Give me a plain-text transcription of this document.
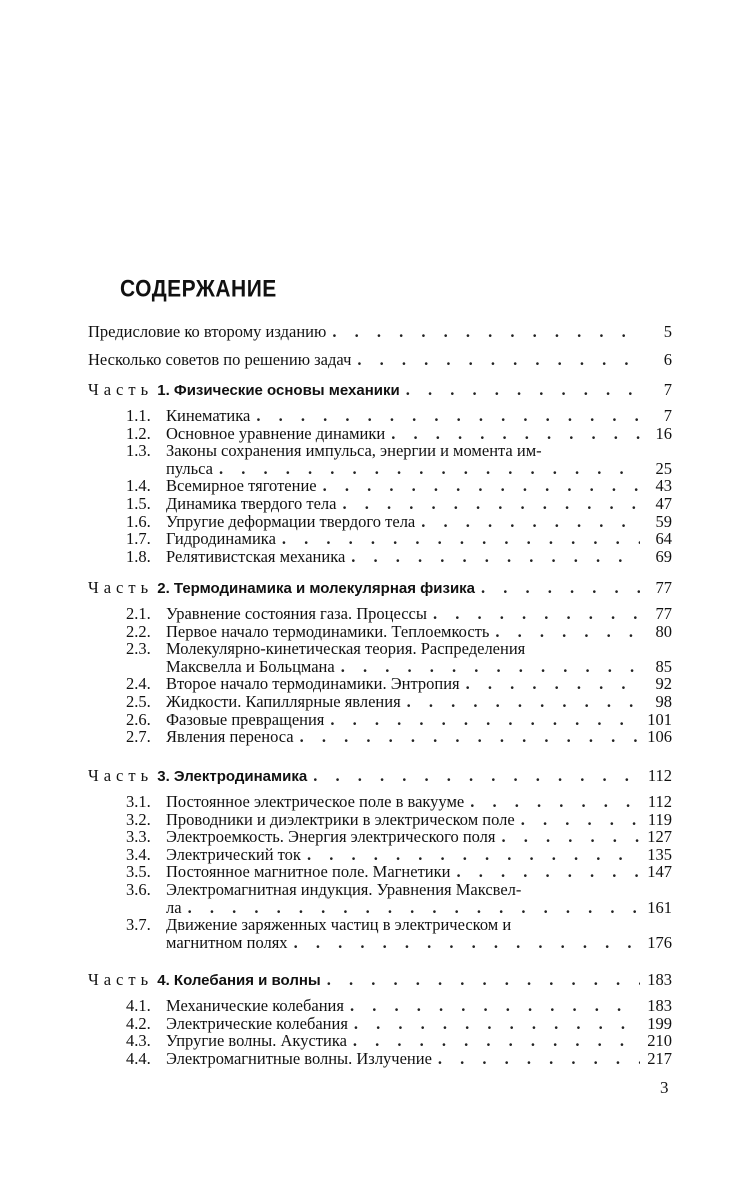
СОДЕРЖАНИЕ
Предисловие ко второму изданию . . .	5
Несколько советов по решению задач . . .	6
Часть 1. Физические основы механики . . .	7
1.1. Кинематика . . .	7
1.2. Основное уравнение динамики . . .	16
1.3. Законы сохранения импульса, энергии и момента им-
пульса . . .	25
1.4. Всемирное тяготение . . .	43
1.5. Динамика твердого тела . . .	47
1.6. Упругие деформации твердого тела . . .	59
1.7. Гидродинамика . . .	64
1.8. Релятивистская механика . . .	69
Часть 2. Термодинамика и молекулярная физика . . .	77
2.1. Уравнение состояния газа. Процессы . . .	77
2.2. Первое начало термодинамики. Теплоемкость . . .	80
2.3. Молекулярно-кинетическая теория. Распределения
Максвелла и Больцмана . . .	85
2.4. Второе начало термодинамики. Энтропия . . .	92
2.5. Жидкости. Капиллярные явления . . .	98
2.6. Фазовые превращения . . .	101
2.7. Явления переноса . . .	106
Часть 3. Электродинамика . . .	112
3.1. Постоянное электрическое поле в вакууме . . .	112
3.2. Проводники и диэлектрики в электрическом поле . . .	119
3.3. Электроемкость. Энергия электрического поля . . .	127
3.4. Электрический ток . . .	135
3.5. Постоянное магнитное поле. Магнетики . . .	147
3.6. Электромагнитная индукция. Уравнения Максвел-
ла . . .	161
3.7. Движение заряженных частиц в электрическом и
магнитном полях . . .	176
Часть 4. Колебания и волны . . .	183
4.1. Механические колебания . . .	183
4.2. Электрические колебания . . .	199
4.3. Упругие волны. Акустика . . .	210
4.4. Электромагнитные волны. Излучение . . .	217
3
